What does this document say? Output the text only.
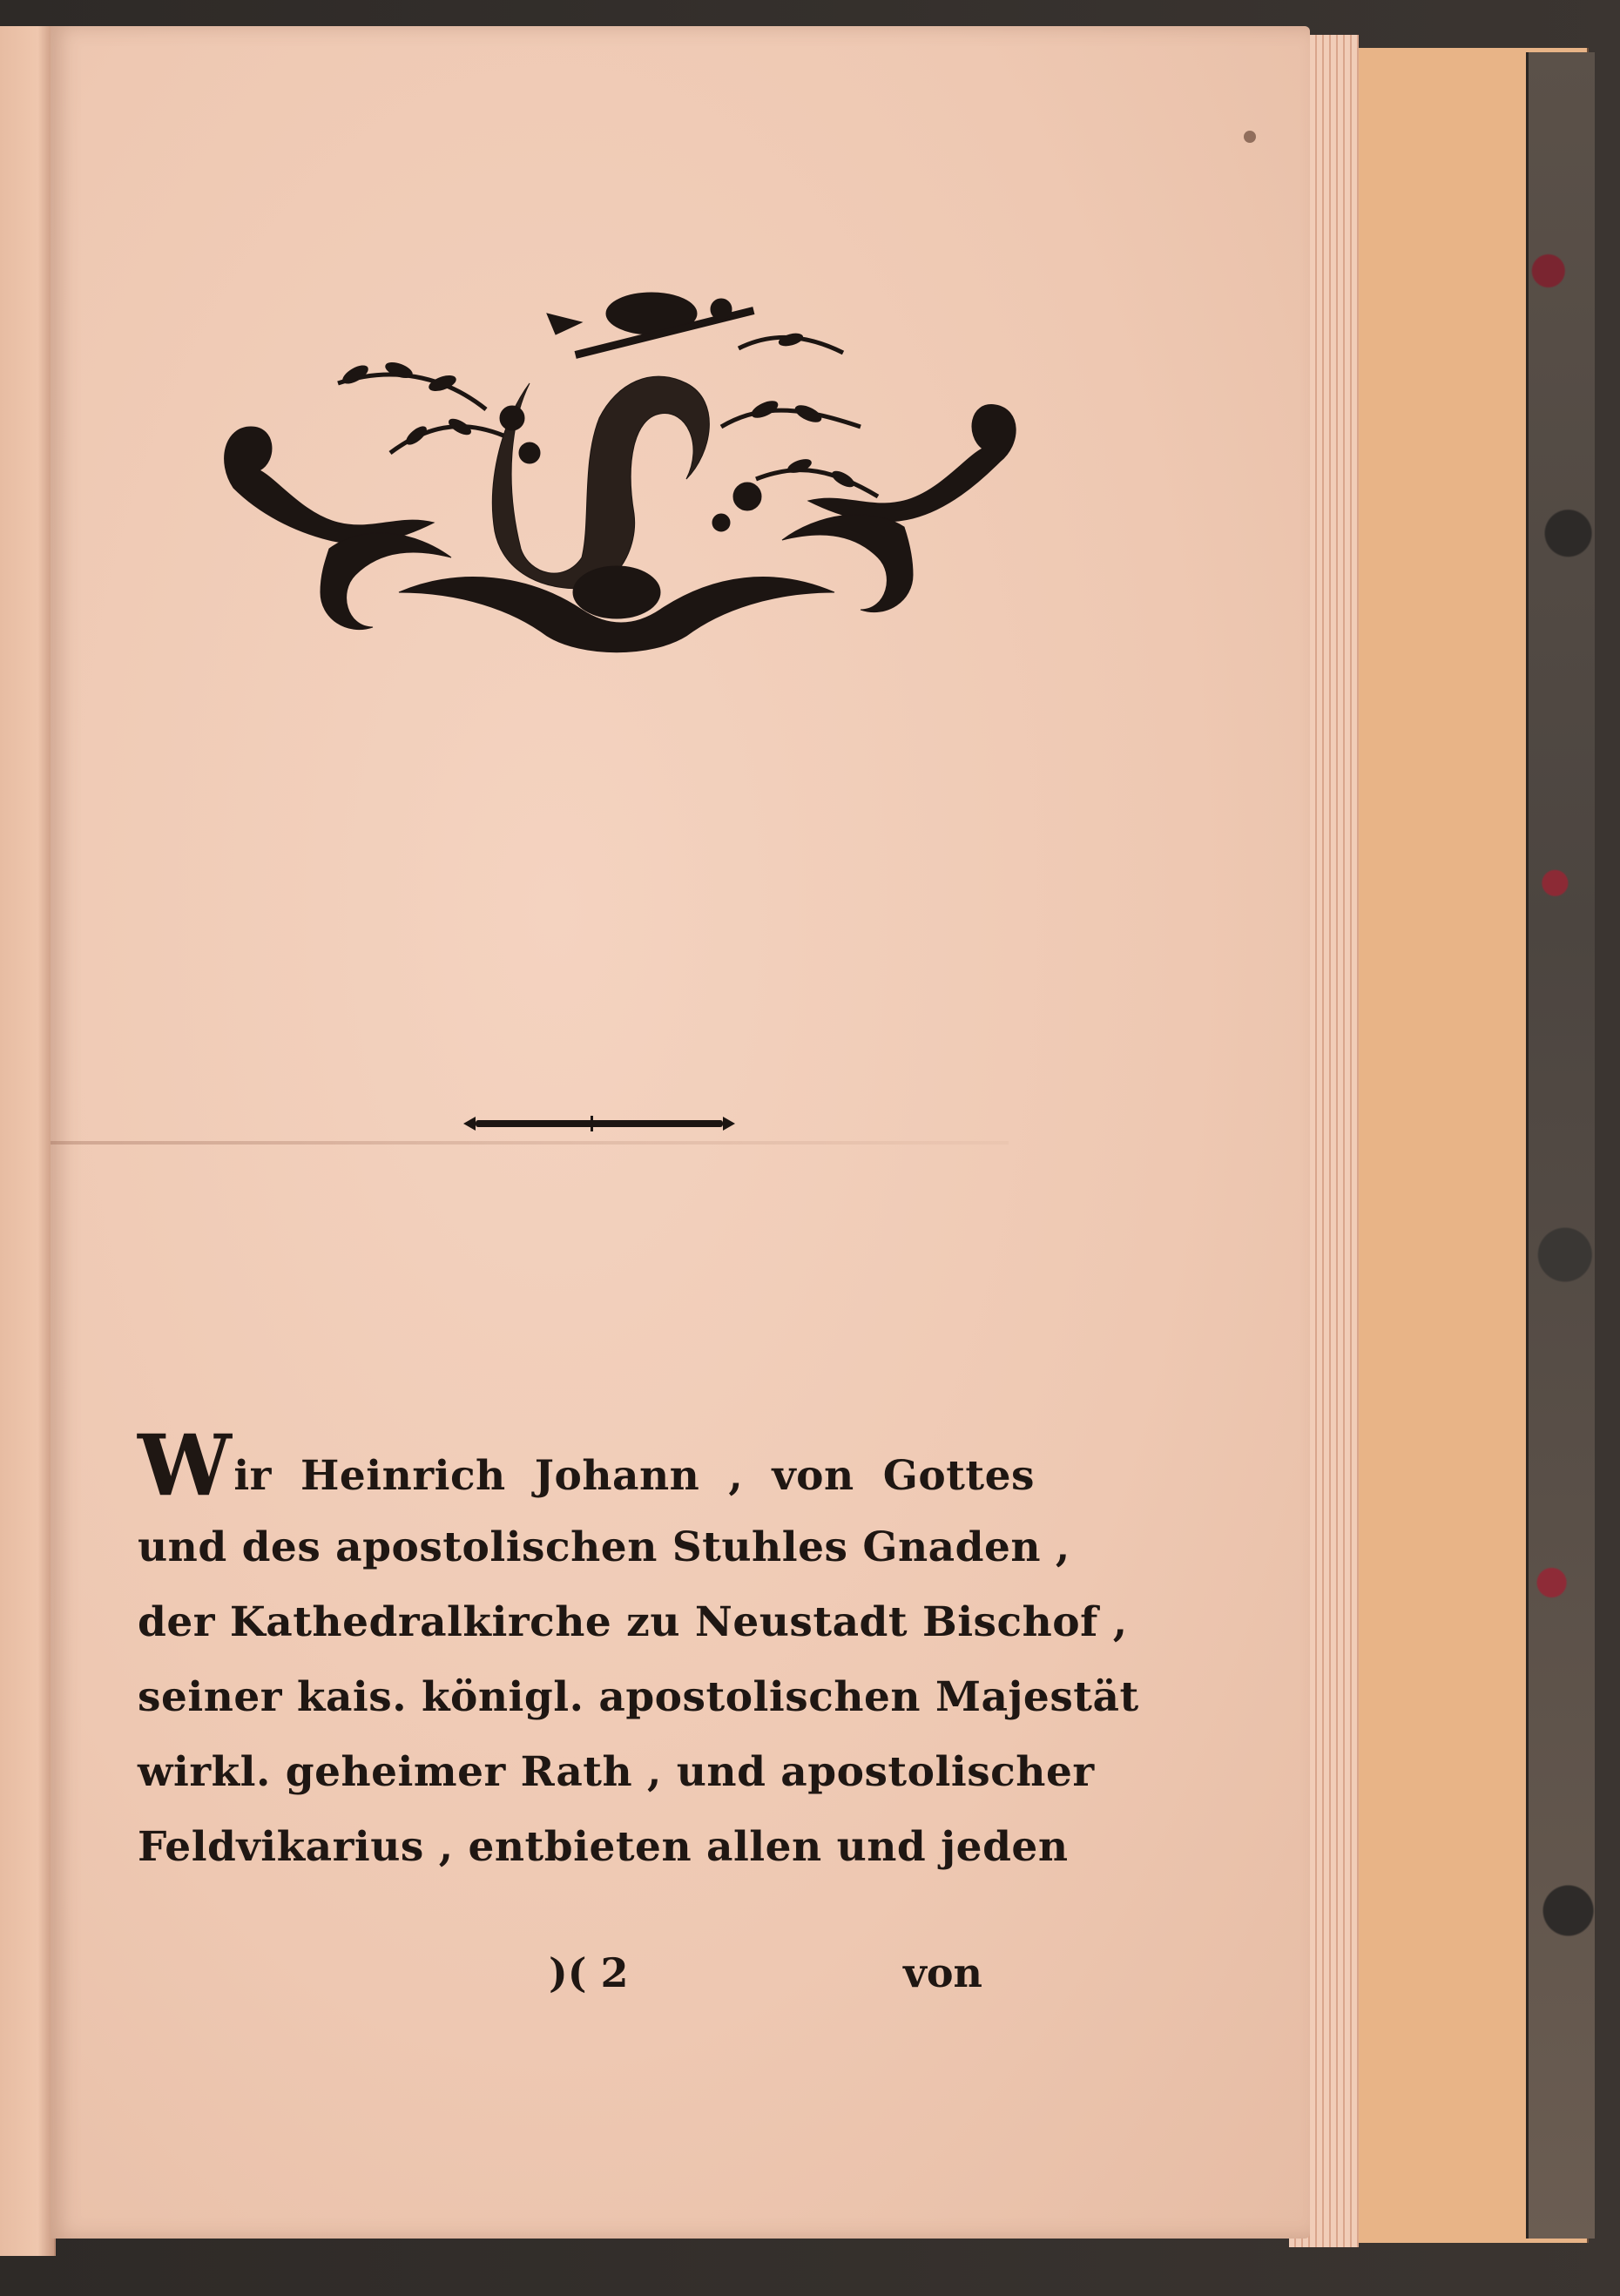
Wir Heinrich Johann , von Gottes
und des apostolischen Stuhles Gnaden ,
der Kathedralkirche zu Neustadt Bischof ,
seiner kais. königl. apostolischen Majestät
wirkl. geheimer Rath , und apostolischer
Feldvikarius , entbieten allen und jeden
)( 2	von
